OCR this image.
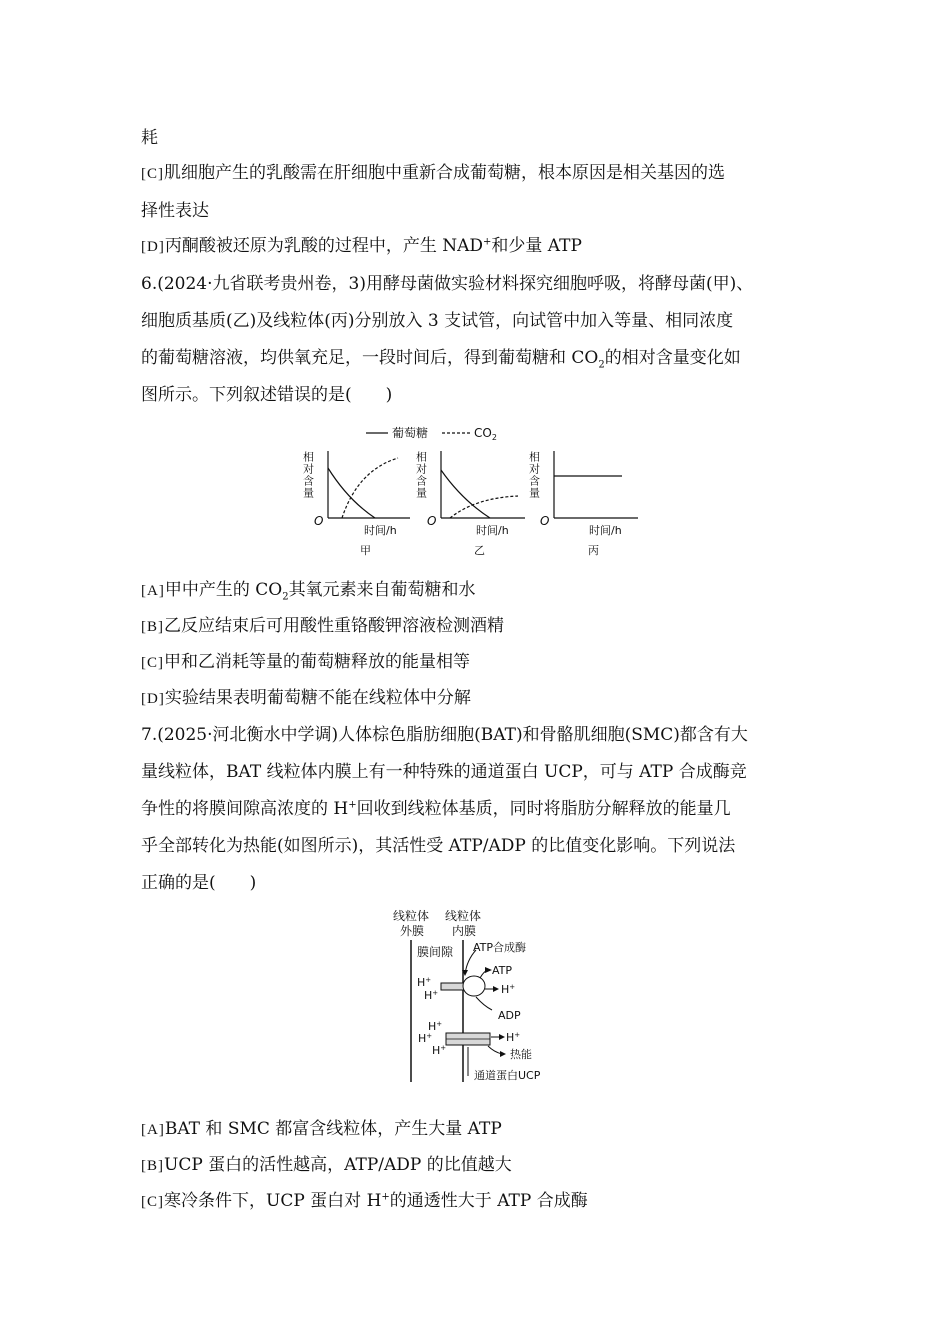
耗
[C]肌细胞产生的乳酸需在肝细胞中重新合成葡萄糖，根本原因是相关基因的选
择性表达
[D]丙酮酸被还原为乳酸的过程中，产生 NAD+和少量 ATP
6.(2024·九省联考贵州卷，3)用酵母菌做实验材料探究细胞呼吸，将酵母菌(甲)、
细胞质基质(乙)及线粒体(丙)分别放入 3 支试管，向试管中加入等量、相同浓度
的葡萄糖溶液，均供氧充足，一段时间后，得到葡萄糖和 $CO_2$的相对含量变化如
图所示。下列叙述错误的是(　　)
葡萄糖	$CO_2$
相对含量
O
时间/h
甲
相对含量
O
时间/h
乙
相对含量
O
时间/h
丙
[A]甲中产生的 $CO_2$其氧元素来自葡萄糖和水
[B]乙反应结束后可用酸性重铬酸钾溶液检测酒精
[C]甲和乙消耗等量的葡萄糖释放的能量相等
[D]实验结果表明葡萄糖不能在线粒体中分解
7.(2025·河北衡水中学调)人体棕色脂肪细胞(BAT)和骨骼肌细胞(SMC)都含有大
量线粒体，BAT 线粒体内膜上有一种特殊的通道蛋白 UCP，可与 ATP 合成酶竞
争性的将膜间隙高浓度的 H+回收到线粒体基质，同时将脂肪分解释放的能量几
乎全部转化为热能(如图所示)，其活性受 ATP/ADP 的比值变化影响。下列说法
正确的是(　　)
线粒体
外膜
线粒体
内膜
膜间隙 ATP合成酶
H+
H+
ATP
H+
ADP
H+
H+
H+
H+
热能
通道蛋白UCP
[A]BAT 和 SMC 都富含线粒体，产生大量 ATP
[B]UCP 蛋白的活性越高，ATP/ADP 的比值越大
[C]寒冷条件下，UCP 蛋白对 H+的通透性大于 ATP 合成酶
